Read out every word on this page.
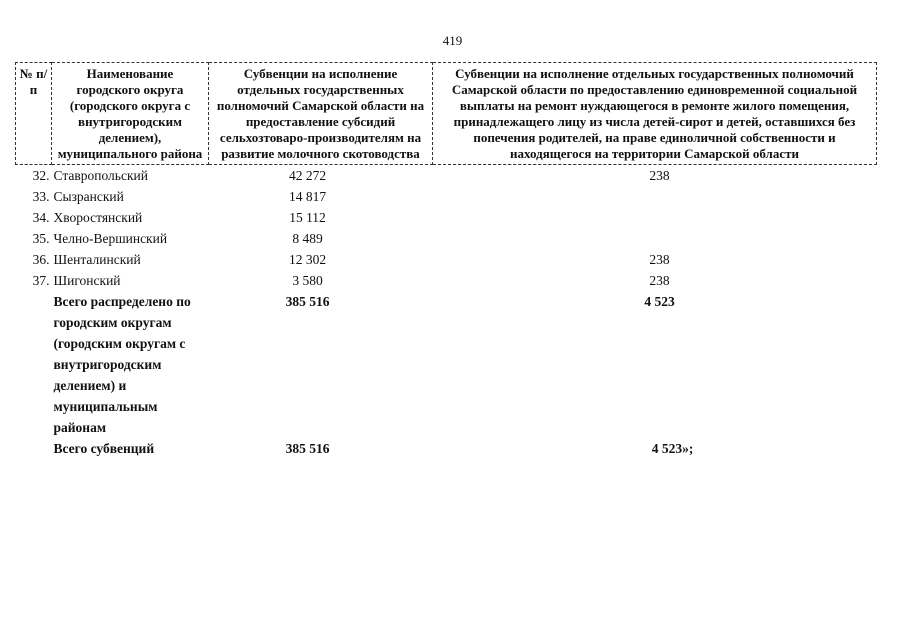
419
№ п/п	Наименование городского округа (городского округа с внутригородским делением), муниципального района	Субвенции на исполнение отдельных государственных полномочий Самарской области на предоставление субсидий сельхозтоваро-производителям на развитие молочного скотоводства	Субвенции на исполнение отдельных государственных полномочий Самарской области по предоставлению единовременной социальной выплаты на ремонт нуждающегося в ремонте жилого помещения, принадлежащего лицу из числа детей-сирот и детей, оставшихся без попечения родителей, на праве единоличной собственности и находящегося на территории Самарской области
32.	Ставропольский	42 272	238
33.	Сызранский	14 817	
34.	Хворостянский	15 112	
35.	Челно-Вершинский	8 489	
36.	Шенталинский	12 302	238
37.	Шигонский	3 580	238
	Всего распределено по городским округам (городским округам с внутригородским делением) и муниципальным районам	385 516	4 523
	Всего субвенций	385 516	4 523»;
